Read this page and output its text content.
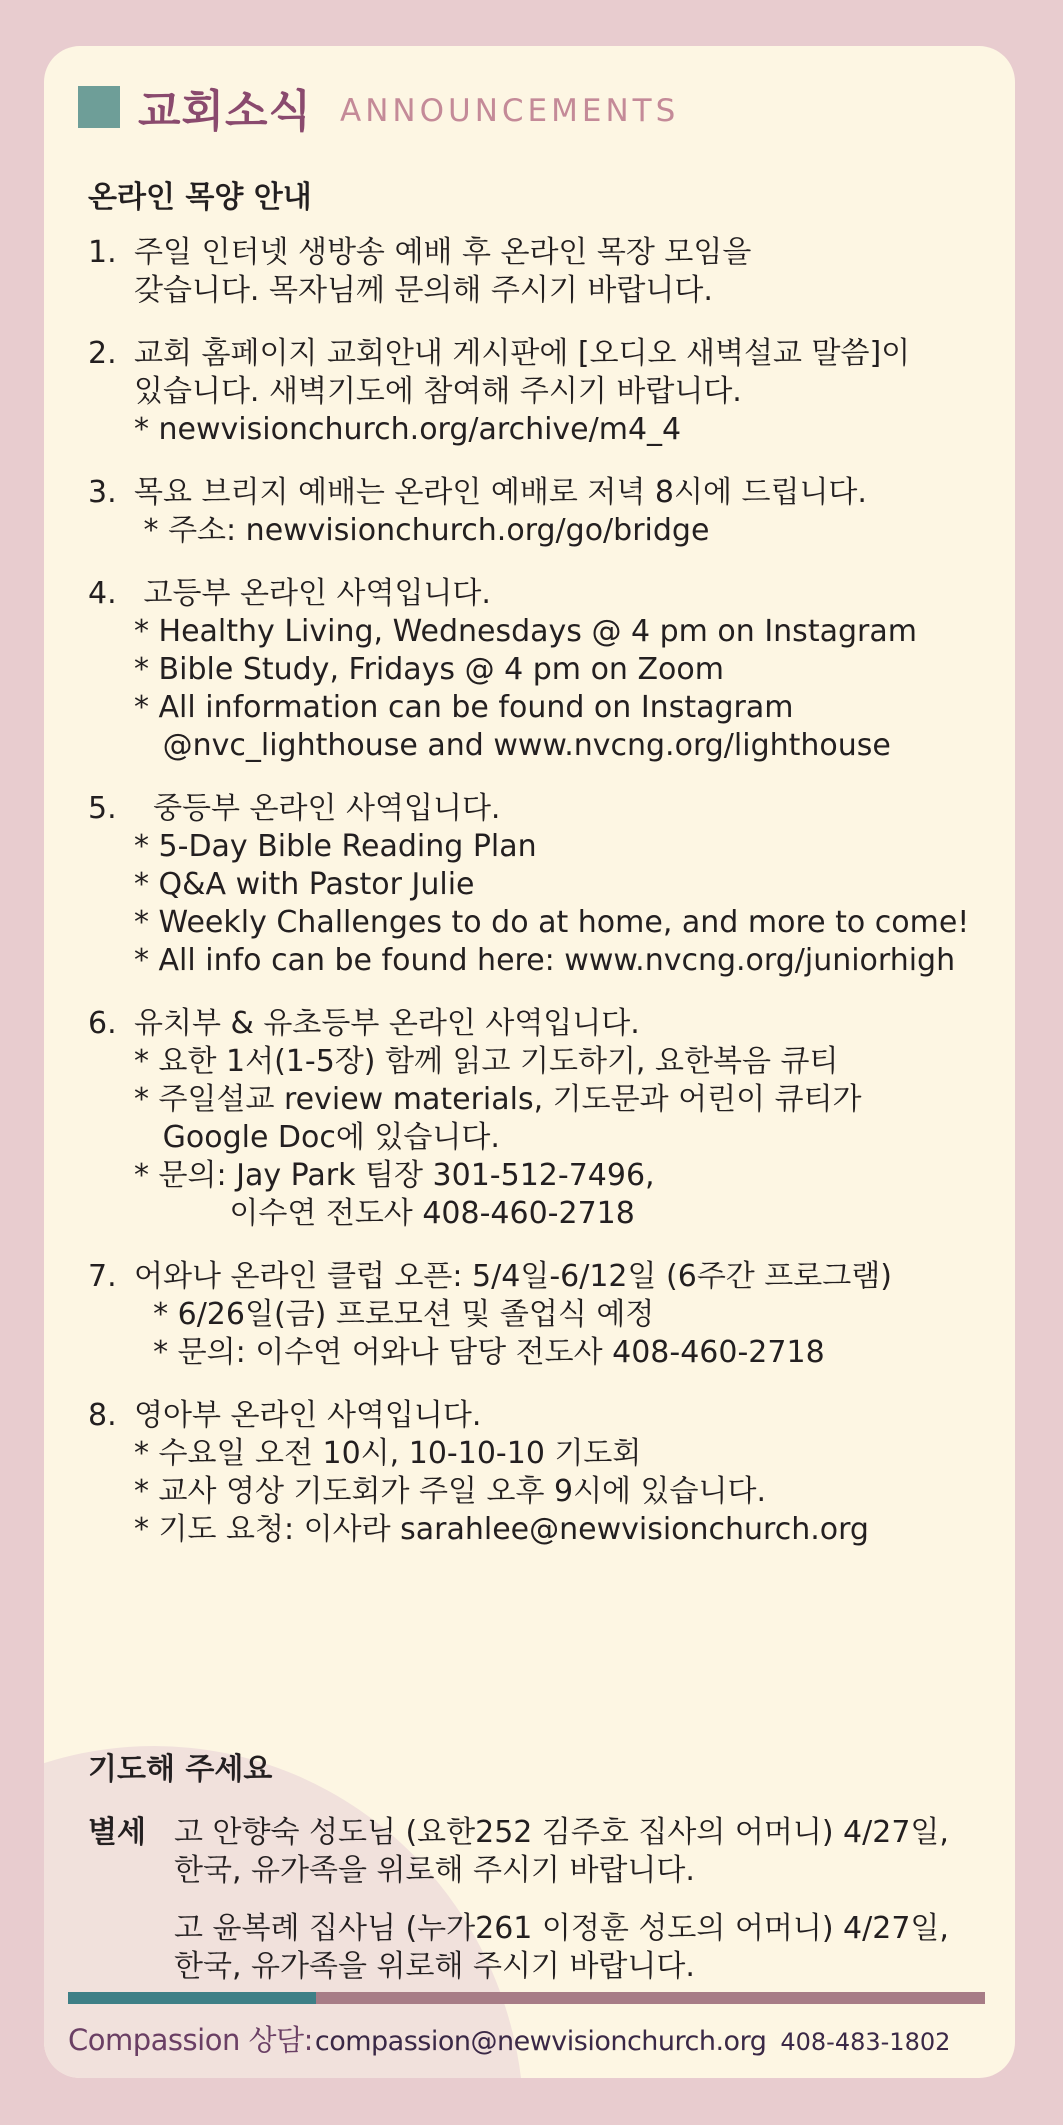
교회소식 ANNOUNCEMENTS
온라인 목양 안내
1. 주일 인터넷 생방송 예배 후 온라인 목장 모임을
갖습니다. 목자님께 문의해 주시기 바랍니다.
2. 교회 홈페이지 교회안내 게시판에 [오디오 새벽설교 말씀]이
있습니다. 새벽기도에 참여해 주시기 바랍니다.
* newvisionchurch.org/archive/m4_4
3. 목요 브리지 예배는 온라인 예배로 저녁 8시에 드립니다.
* 주소: newvisionchurch.org/go/bridge
4. 고등부 온라인 사역입니다.
* Healthy Living, Wednesdays @ 4 pm on Instagram
* Bible Study, Fridays @ 4 pm on Zoom
* All information can be found on Instagram
@nvc_lighthouse and www.nvcng.org/lighthouse
5. 중등부 온라인 사역입니다.
* 5-Day Bible Reading Plan
* Q&A with Pastor Julie
* Weekly Challenges to do at home, and more to come!
* All info can be found here: www.nvcng.org/juniorhigh
6. 유치부 & 유초등부 온라인 사역입니다.
* 요한 1서(1-5장) 함께 읽고 기도하기, 요한복음 큐티
* 주일설교 review materials, 기도문과 어린이 큐티가
Google Doc에 있습니다.
* 문의: Jay Park 팀장 301-512-7496,
이수연 전도사 408-460-2718
7. 어와나 온라인 클럽 오픈: 5/4일-6/12일 (6주간 프로그램)
* 6/26일(금) 프로모션 및 졸업식 예정
* 문의: 이수연 어와나 담당 전도사 408-460-2718
8. 영아부 온라인 사역입니다.
* 수요일 오전 10시, 10-10-10 기도회
* 교사 영상 기도회가 주일 오후 9시에 있습니다.
* 기도 요청: 이사라 sarahlee@newvisionchurch.org
기도해 주세요
별세 고 안향숙 성도님 (요한252 김주호 집사의 어머니) 4/27일,
한국, 유가족을 위로해 주시기 바랍니다.
고 윤복례 집사님 (누가261 이정훈 성도의 어머니) 4/27일,
한국, 유가족을 위로해 주시기 바랍니다.
Compassion 상담: compassion@newvisionchurch.org 408-483-1802
